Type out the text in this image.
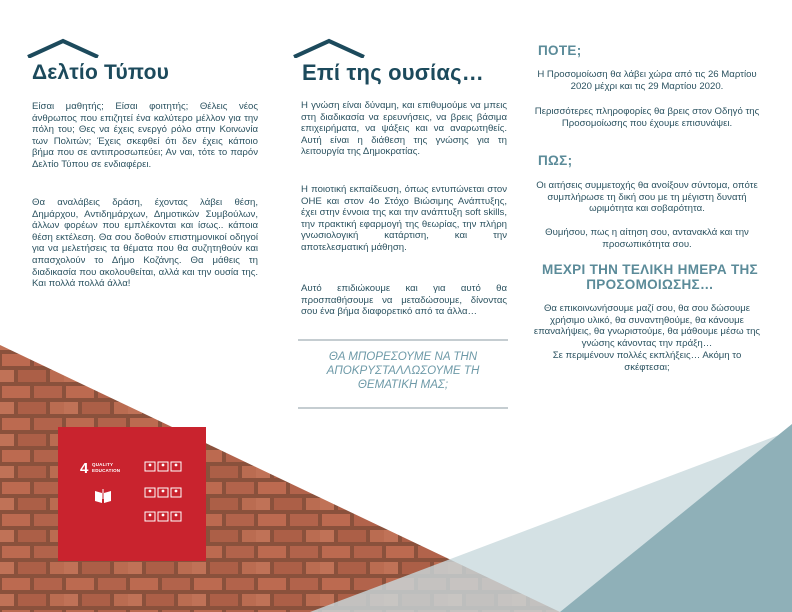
Δελτίο Τύπου

Είσαι μαθητής; Είσαι φοιτητής; Θέλεις νέος άνθρωπος που επιζητεί ένα καλύτερο μέλλον για την πόλη του; Θες να έχεις ενεργό ρόλο στην Κοινωνία των Πολιτών; Έχεις σκεφθεί ότι δεν έχεις κάποιο βήμα που σε αντιπροσωπεύει; Αν ναι, τότε το παρόν Δελτίο Τύπου σε ενδιαφέρει.

Θα αναλάβεις δράση, έχοντας λάβει θέση, Δημάρχου, Αντιδημάρχων, Δημοτικών Συμβούλων, άλλων φορέων που εμπλέκονται και ίσως.. κάποια θέση εκτέλεση. Θα σου δοθούν επιστημονικοί οδηγοί για να μελετήσεις τα θέματα που θα συζητηθούν και απασχολούν το Δήμο Κοζάνης. Θα μάθεις τη διαδικασία που ακολουθείται, αλλά και την ουσία της. Και πολλά πολλά άλλα!

4 QUALITY
EDUCATION
Επί της ουσίας…

Η γνώση είναι δύναμη, και επιθυμούμε να μπεις στη διαδικασία να ερευνήσεις, να βρεις βάσιμα επιχειρήματα, να ψάξεις και να αναρωτηθείς. Αυτή είναι η διάθεση της γνώσης για τη λειτουργία της Δημοκρατίας.

Η ποιοτική εκπαίδευση, όπως εντυπώνεται στον ΟΗΕ και στον 4ο Στόχο Βιώσιμης Ανάπτυξης, έχει στην έννοια της και την ανάπτυξη soft skills, την πρακτική εφαρμογή της θεωρίας, την πλήρη γνωσιολογική κατάρτιση, και την αποτελεσματική μάθηση.

Αυτό επιδιώκουμε και για αυτό θα προσπαθήσουμε να μεταδώσουμε, δίνοντας σου ένα βήμα διαφορετικό από τα άλλα…

ΘΑ ΜΠΟΡΕΣΟΥΜΕ ΝΑ ΤΗΝ ΑΠΟΚΡΥΣΤΑΛΛΩΣΟΥΜΕ ΤΗ ΘΕΜΑΤΙΚΗ ΜΑΣ;

ΠΟΤΕ;

Η Προσομοίωση θα λάβει χώρα από τις 26 Μαρτίου 2020 μέχρι και τις 29 Μαρτίου 2020.

Περισσότερες πληροφορίες θα βρεις στον Οδηγό της Προσομοίωσης που έχουμε επισυνάψει.

ΠΩΣ;

Οι αιτήσεις συμμετοχής θα ανοίξουν σύντομα, οπότε συμπλήρωσε τη δική σου με τη μέγιστη δυνατή ωριμότητα και σοβαρότητα.

Θυμήσου, πως η αίτηση σου, αντανακλά και την προσωπικότητα σου.

ΜΕΧΡΙ ΤΗΝ ΤΕΛΙΚΗ ΗΜΕΡΑ ΤΗΣ ΠΡΟΣΟΜΟΙΩΣΗΣ…

Θα επικοινωνήσουμε μαζί σου, θα σου δώσουμε χρήσιμο υλικό, θα συναντηθούμε, θα κάνουμε επαναλήψεις, θα γνωριστούμε, θα μάθουμε μέσω της γνώσης κάνοντας την πράξη…

Σε περιμένουν πολλές εκπλήξεις… Ακόμη το σκέφτεσαι;
